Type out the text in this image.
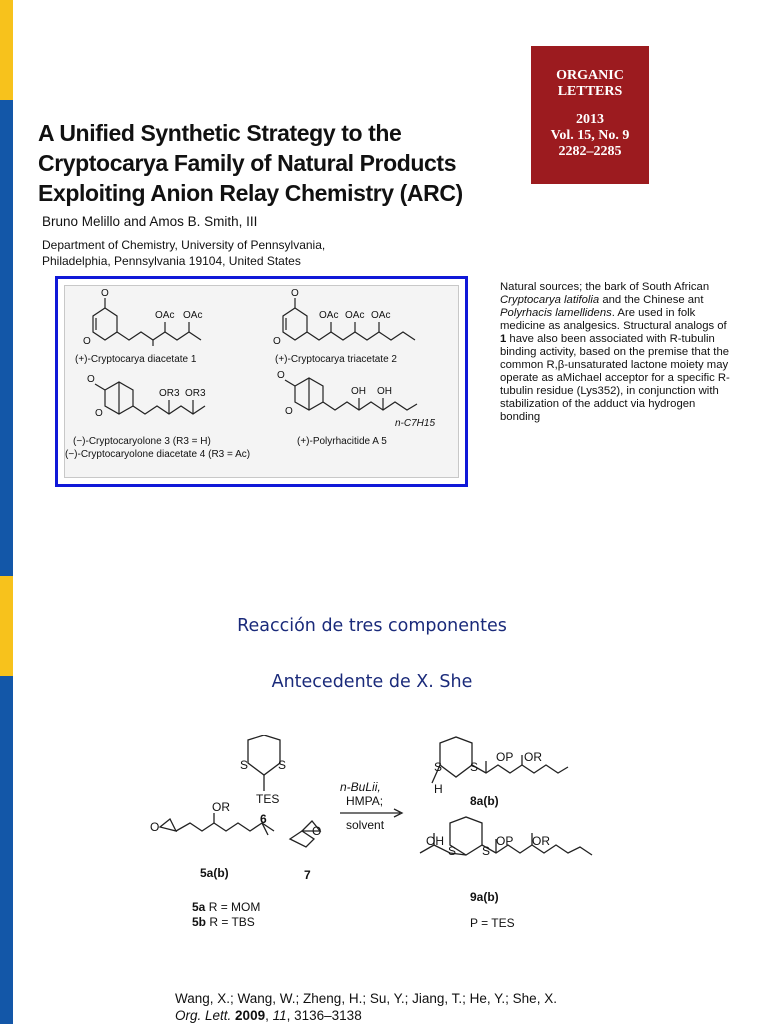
ORGANIC
LETTERS
2013
Vol. 15, No. 9
2282–2285
A Unified Synthetic Strategy to the
Cryptocarya Family of Natural Products
Exploiting Anion Relay Chemistry (ARC)
Bruno Melillo and Amos B. Smith, III
Department of Chemistry, University of Pennsylvania,
Philadelphia, Pennsylvania 19104, United States
O
O
OAc OAc
O
O
OAc OAc OAc
O
O
OR3 OR3
O
O
OH OH
n-C7H15
(+)-Cryptocarya diacetate 1	(+)-Cryptocarya triacetate 2
(−)-Cryptocaryolone 3 (R3 = H)
(−)-Cryptocaryolone diacetate 4 (R3 = Ac)
(+)-Polyrhacitide A 5
Natural sources; the bark of South African Cryptocarya latifolia and the Chinese ant Polyrhacis lamellidens. Are used in folk medicine as analgesics. Structural analogs of 1 have also been associated with R-tubulin binding activity, based on the premise that the common R,β-unsaturated lactone moiety may operate as aMichael acceptor for a specific R-tubulin residue (Lys352), in conjunction with stabilization of the adduct via hydrogen bonding
Reacción de tres componentes
Antecedente de X. She
S S
TES
6
O
OR
O
5a(b)	7
n-BuLii,
HMPA;
solvent
S S
H
OP OR
8a(b)
OH
S S
OP OR
9a(b)
5a R = MOM
5b R = TBS	P = TES
Wang, X.; Wang, W.; Zheng, H.; Su, Y.; Jiang, T.; He, Y.; She, X.
Org. Lett. 2009, 11, 3136–3138
